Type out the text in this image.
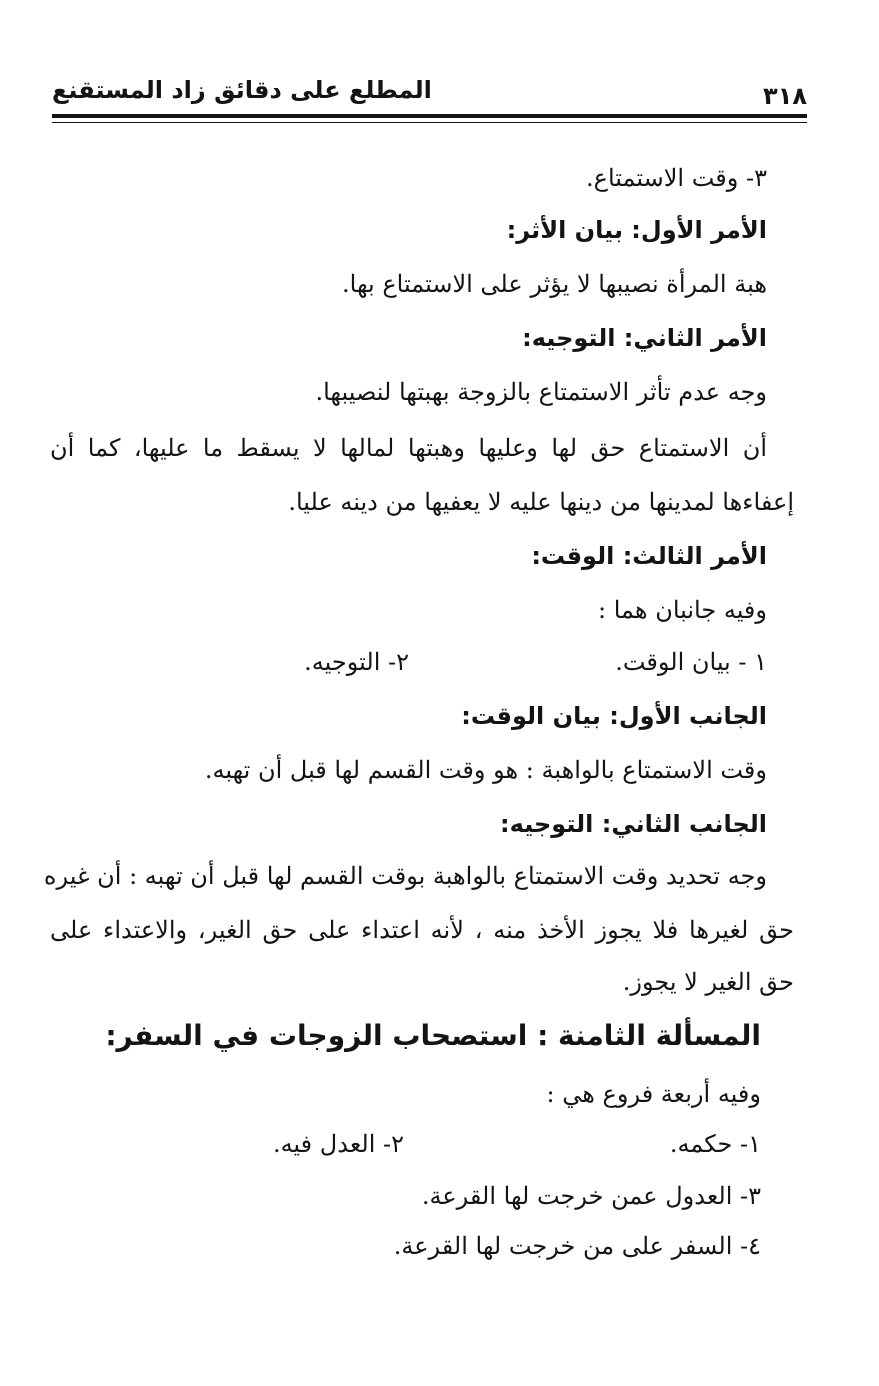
المطلع على دقائق زاد المستقنع	٣١٨
٣- وقت الاستمتاع.
الأمر الأول: بيان الأثر:
هبة المرأة نصيبها لا يؤثر على الاستمتاع بها.
الأمر الثاني: التوجيه:
وجه عدم تأثر الاستمتاع بالزوجة بهبتها لنصيبها.
أن الاستمتاع حق لها وعليها وهبتها لمالها لا يسقط ما عليها، كما أن
إعفاءها لمدينها من دينها عليه لا يعفيها من دينه عليا.
الأمر الثالث: الوقت:
وفيه جانبان هما :
١ - بيان الوقت.
٢- التوجيه.
الجانب الأول: بيان الوقت:
وقت الاستمتاع بالواهبة : هو وقت القسم لها قبل أن تهبه.
الجانب الثاني: التوجيه:
وجه تحديد وقت الاستمتاع بالواهبة بوقت القسم لها قبل أن تهبه : أن غيره
حق لغيرها فلا يجوز الأخذ منه ، لأنه اعتداء على حق الغير، والاعتداء على
حق الغير لا يجوز.
المسألة الثامنة : استصحاب الزوجات في السفر:
وفيه أربعة فروع هي :
١- حكمه.
٢- العدل فيه.
٣- العدول عمن خرجت لها القرعة.
٤- السفر على من خرجت لها القرعة.
